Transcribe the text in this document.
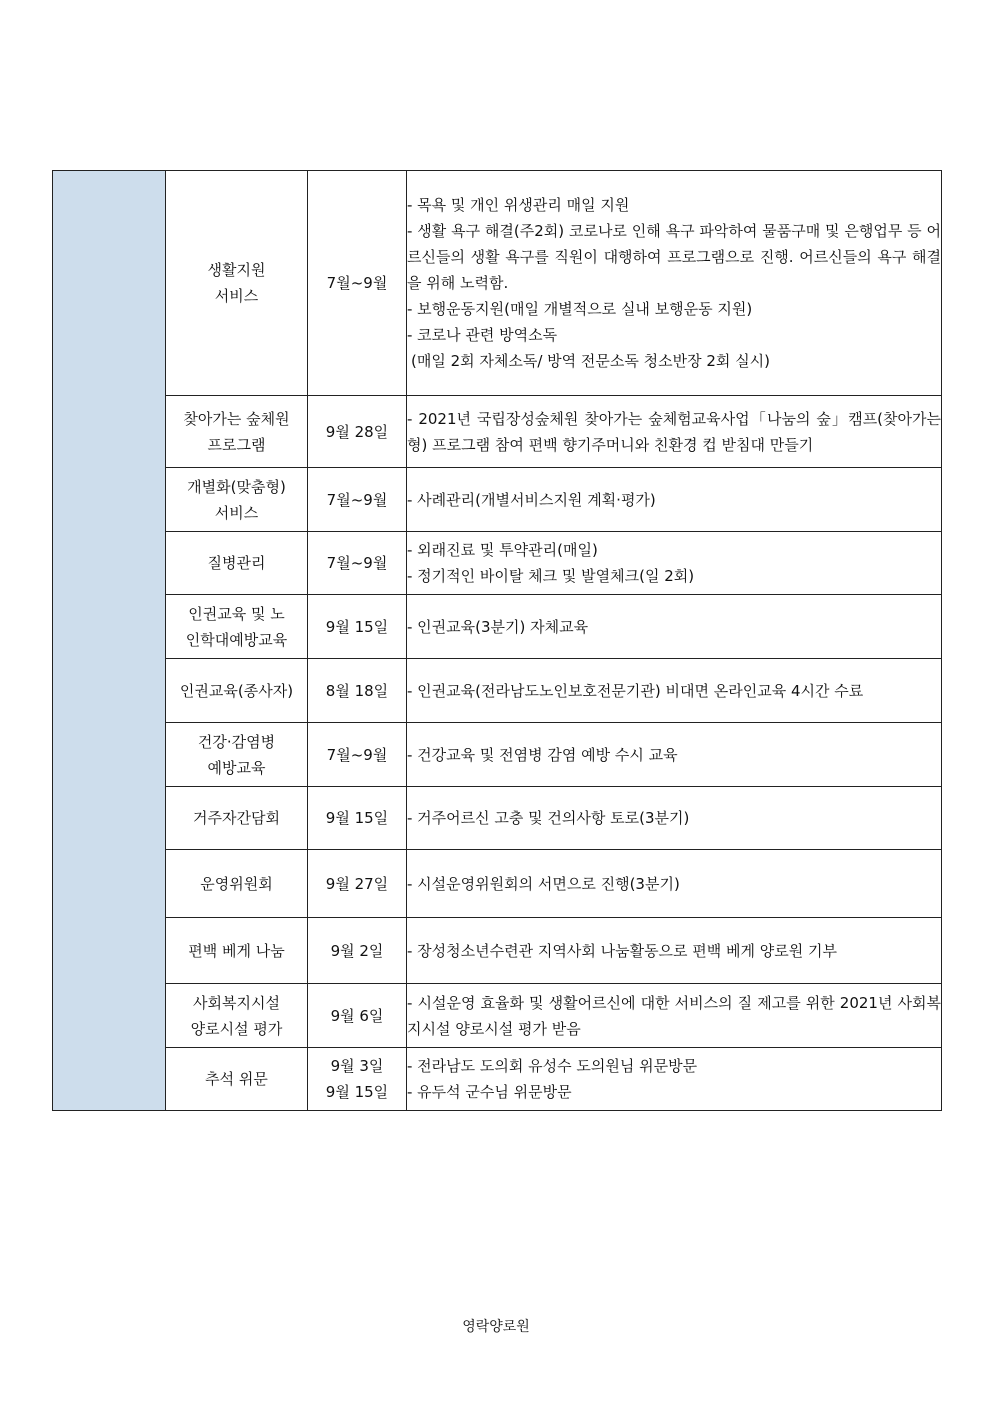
	생활지원
서비스	7월~9월	- 목욕 및 개인 위생관리 매일 지원
- 생활 욕구 해결(주2회) 코로나로 인해 욕구 파악하여 물품구매 및 은행업무 등 어르신들의 생활 욕구를 직원이 대행하여 프로그램으로 진행. 어르신들의 욕구 해결을 위해 노력함.
- 보행운동지원(매일 개별적으로 실내 보행운동 지원)
- 코로나 관련 방역소독
(매일 2회 자체소독/ 방역 전문소독 청소반장 2회 실시)

	찾아가는 숲체원
프로그램	9월 28일	- 2021년 국립장성숲체원 찾아가는 숲체험교육사업「나눔의 숲」캠프(찾아가는형) 프로그램 참여 편백 향기주머니와 친환경 컵 받침대 만들기

	개별화(맞춤형)
서비스	7월~9월	- 사례관리(개별서비스지원 계획·평가)

	질병관리	7월~9월	- 외래진료 및 투약관리(매일)
- 정기적인 바이탈 체크 및 발열체크(일 2회)

	인권교육 및 노
인학대예방교육	9월 15일	- 인권교육(3분기) 자체교육

	인권교육(종사자)	8월 18일	- 인권교육(전라남도노인보호전문기관) 비대면 온라인교육 4시간 수료

	건강·감염병
예방교육	7월~9월	- 건강교육 및 전염병 감염 예방 수시 교육

	거주자간담회	9월 15일	- 거주어르신 고충 및 건의사항 토로(3분기)

	운영위원회	9월 27일	- 시설운영위원회의 서면으로 진행(3분기)

	편백 베게 나눔	9월 2일	- 장성청소년수련관 지역사회 나눔활동으로 편백 베게 양로원 기부

	사회복지시설
양로시설 평가	9월 6일	- 시설운영 효율화 및 생활어르신에 대한 서비스의 질 제고를 위한 2021년 사회복지시설 양로시설 평가 받음

	추석 위문	9월 3일
9월 15일	- 전라남도 도의회 유성수 도의원님 위문방문
- 유두석 군수님 위문방문
영락양로원
